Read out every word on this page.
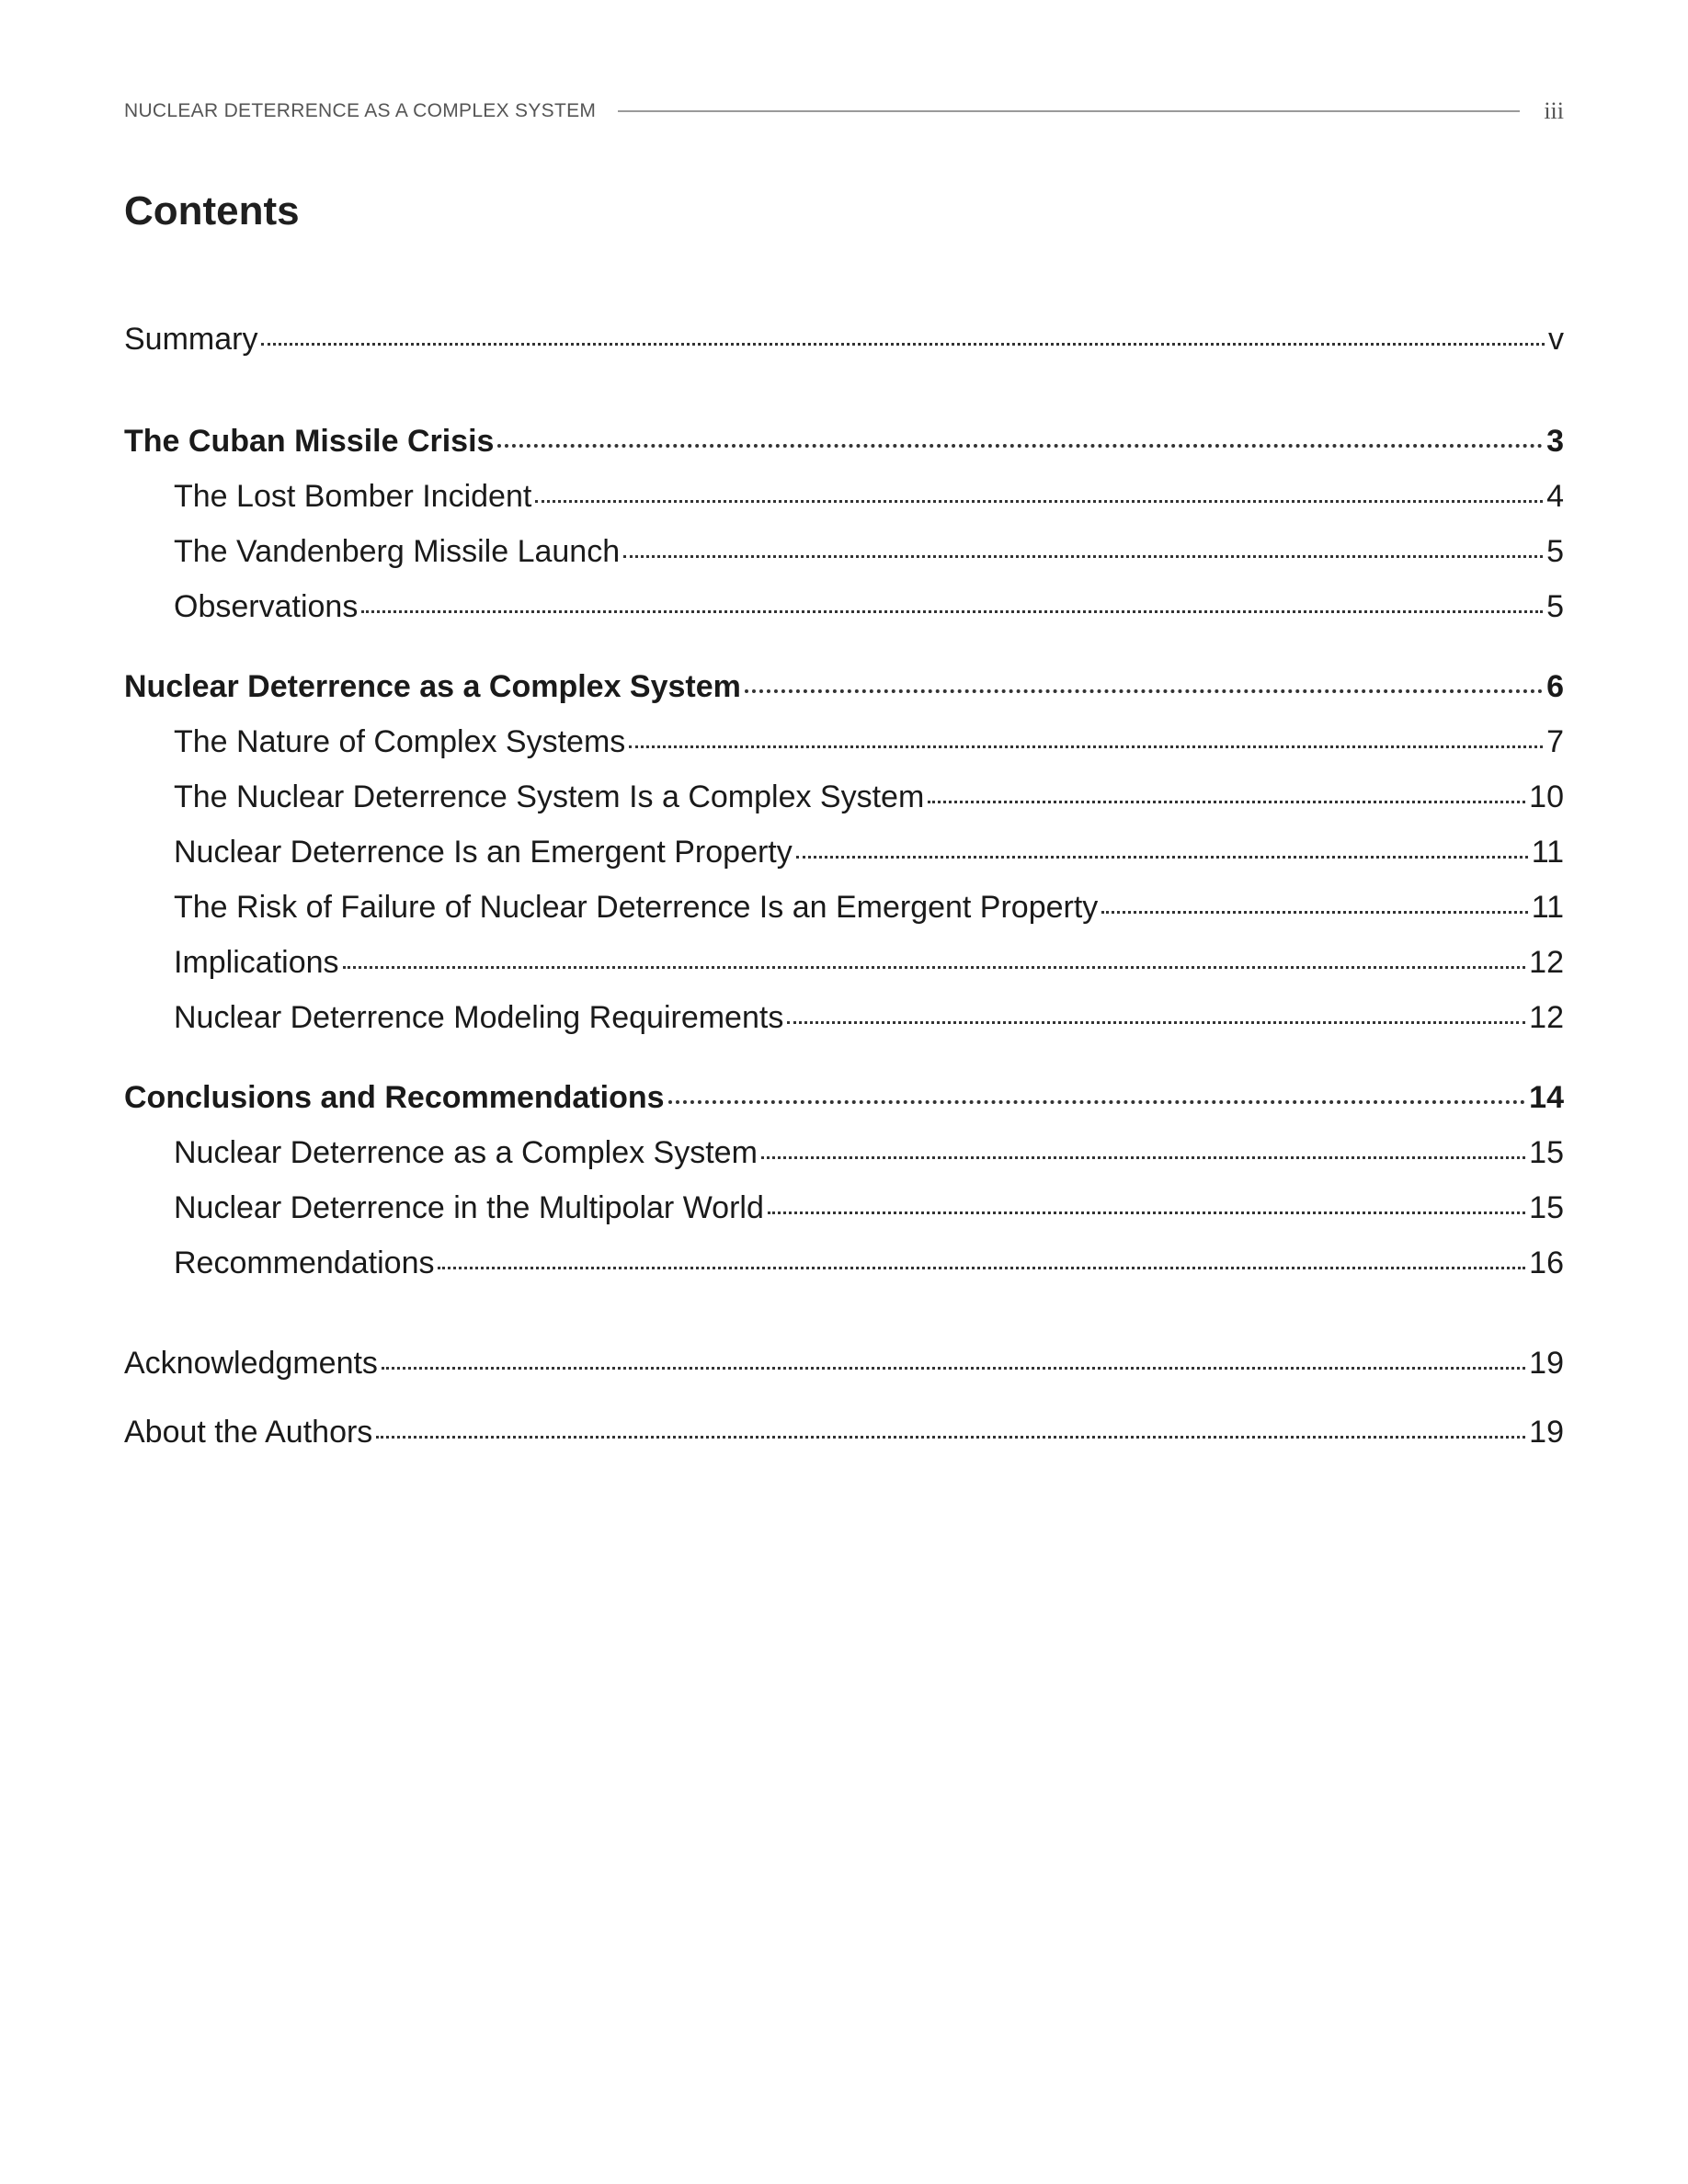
NUCLEAR DETERRENCE AS A COMPLEX SYSTEM	iii
Contents
Summary	v
The Cuban Missile Crisis	3
The Lost Bomber Incident	4
The Vandenberg Missile Launch	5
Observations	5
Nuclear Deterrence as a Complex System	6
The Nature of Complex Systems	7
The Nuclear Deterrence System Is a Complex System	10
Nuclear Deterrence Is an Emergent Property	11
The Risk of Failure of Nuclear Deterrence Is an Emergent Property	11
Implications	12
Nuclear Deterrence Modeling Requirements	12
Conclusions and Recommendations	14
Nuclear Deterrence as a Complex System	15
Nuclear Deterrence in the Multipolar World	15
Recommendations	16
Acknowledgments	19
About the Authors	19
